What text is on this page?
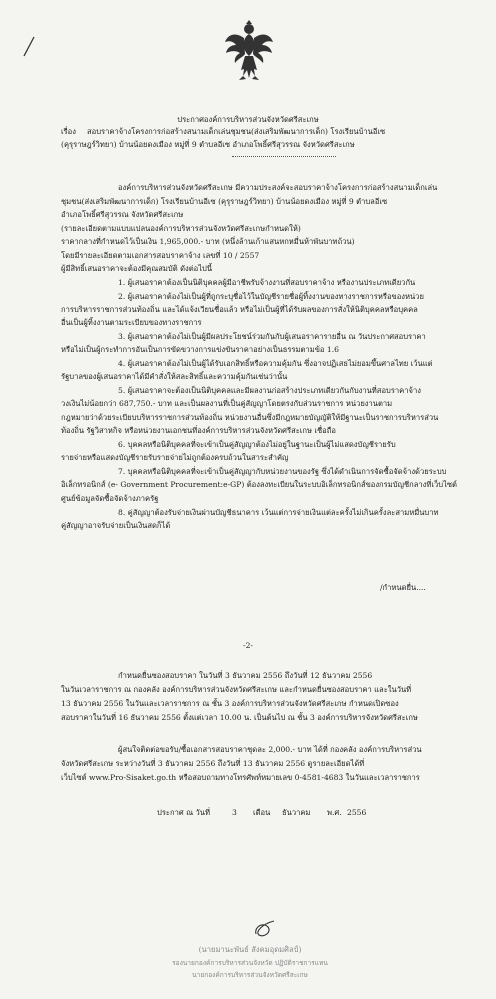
ประกาศองค์การบริหารส่วนจังหวัดศรีสะเกษ
เรื่อง สอบราคาจ้างโครงการก่อสร้างสนามเด็กเล่นชุมชน(ส่งเสริมพัฒนาการเด็ก) โรงเรียนบ้านอีเซ
(คุรุราษฎร์วิทยา) บ้านน้อยดงเมือง หมู่ที่ 9 ตำบลอีเซ อำเภอโพธิ์ศรีสุวรรณ จังหวัดศรีสะเกษ
องค์การบริหารส่วนจังหวัดศรีสะเกษ มีความประสงค์จะสอบราคาจ้างโครงการก่อสร้างสนามเด็กเล่น
ชุมชน(ส่งเสริมพัฒนาการเด็ก) โรงเรียนบ้านอีเซ (คุรุราษฎร์วิทยา) บ้านน้อยดงเมือง หมู่ที่ 9 ตำบลอีเซ
อำเภอโพธิ์ศรีสุวรรณ จังหวัดศรีสะเกษ
(รายละเอียดตามแบบแปลนองค์การบริหารส่วนจังหวัดศรีสะเกษกำหนดให้)
ราคากลางที่กำหนดไว้เป็นเงิน 1,965,000.- บาท (หนึ่งล้านเก้าแสนหกหมื่นห้าพันบาทถ้วน)
โดยมีรายละเอียดตามเอกสารสอบราคาจ้าง เลขที่ 10 / 2557
ผู้มีสิทธิ์เสนอราคาจะต้องมีคุณสมบัติ ดังต่อไปนี้
1. ผู้เสนอราคาต้องเป็นนิติบุคคลผู้มีอาชีพรับจ้างงานที่สอบราคาจ้าง หรืองานประเภทเดียวกัน
2. ผู้เสนอราคาต้องไม่เป็นผู้ที่ถูกระบุชื่อไว้ในบัญชีรายชื่อผู้ทิ้งงานของทางราชการหรือของหน่วย
การบริหารราชการส่วนท้องถิ่น และได้แจ้งเวียนชื่อแล้ว หรือไม่เป็นผู้ที่ได้รับผลของการสั่งให้นิติบุคคลหรือบุคคล
อื่นเป็นผู้ทิ้งงานตามระเบียบของทางราชการ
3. ผู้เสนอราคาต้องไม่เป็นผู้มีผลประโยชน์ร่วมกันกับผู้เสนอราคารายอื่น ณ วันประกาศสอบราคา
หรือไม่เป็นผู้กระทำการอันเป็นการขัดขวางการแข่งขันราคาอย่างเป็นธรรมตามข้อ 1.6
4. ผู้เสนอราคาต้องไม่เป็นผู้ได้รับเอกสิทธิ์หรือความคุ้มกัน ซึ่งอาจปฏิเสธไม่ยอมขึ้นศาลไทย เว้นแต่
รัฐบาลของผู้เสนอราคาได้มีคำสั่งให้สละสิทธิ์และความคุ้มกันเช่นว่านั้น
5. ผู้เสนอราคาจะต้องเป็นนิติบุคคลและมีผลงานก่อสร้างประเภทเดียวกันกับงานที่สอบราคาจ้าง
วงเงินไม่น้อยกว่า 687,750.- บาท และเป็นผลงานที่เป็นคู่สัญญาโดยตรงกับส่วนราชการ หน่วยงานตาม
กฎหมายว่าด้วยระเบียบบริหารราชการส่วนท้องถิ่น หน่วยงานอื่นซึ่งมีกฎหมายบัญญัติให้มีฐานะเป็นราชการบริหารส่วน
ท้องถิ่น รัฐวิสาหกิจ หรือหน่วยงานเอกชนที่องค์การบริหารส่วนจังหวัดศรีสะเกษ เชื่อถือ
6. บุคคลหรือนิติบุคคลที่จะเข้าเป็นคู่สัญญาต้องไม่อยู่ในฐานะเป็นผู้ไม่แสดงบัญชีรายรับ
รายจ่ายหรือแสดงบัญชีรายรับรายจ่ายไม่ถูกต้องครบถ้วนในสาระสำคัญ
7. บุคคลหรือนิติบุคคลที่จะเข้าเป็นคู่สัญญากับหน่วยงานของรัฐ ซึ่งได้ดำเนินการจัดซื้อจัดจ้างด้วยระบบ
อิเล็กทรอนิกส์ (e- Government Procurement:e-GP) ต้องลงทะเบียนในระบบอิเล็กทรอนิกส์ของกรมบัญชีกลางที่เว็บไซต์
ศูนย์ข้อมูลจัดซื้อจัดจ้างภาครัฐ
8. คู่สัญญาต้องรับจ่ายเงินผ่านบัญชีธนาคาร เว้นแต่การจ่ายเงินแต่ละครั้งไม่เกินครั้งละสามหมื่นบาท
คู่สัญญาอาจรับจ่ายเป็นเงินสดก็ได้
/กำหนดยื่น....
-2-
กำหนดยื่นซองสอบราคา ในวันที่ 3 ธันวาคม 2556 ถึงวันที่ 12 ธันวาคม 2556
ในวันเวลาราชการ ณ กองคลัง องค์การบริหารส่วนจังหวัดศรีสะเกษ และกำหนดยื่นซองสอบราคา และในวันที่
13 ธันวาคม 2556 ในวันและเวลาราชการ ณ ชั้น 3 องค์การบริหารส่วนจังหวัดศรีสะเกษ กำหนดเปิดซอง
สอบราคาในวันที่ 16 ธันวาคม 2556 ตั้งแต่เวลา 10.00 น. เป็นต้นไป ณ ชั้น 3 องค์การบริหารจังหวัดศรีสะเกษ
ผู้สนใจติดต่อขอรับ/ซื้อเอกสารสอบราคาชุดละ 2,000.- บาท ได้ที่ กองคลัง องค์การบริหารส่วน
จังหวัดศรีสะเกษ ระหว่างวันที่ 3 ธันวาคม 2556 ถึงวันที่ 13 ธันวาคม 2556 ดูรายละเอียดได้ที่
เว็บไซต์ www.Pro-Sisaket.go.th หรือสอบถามทางโทรศัพท์หมายเลข 0-4581-4683 ในวันและเวลาราชการ
ประกาศ ณ วันที่	3 เดือน ธันวาคม พ.ศ. 2556
(นายมานะพันธ์ สังคมอุดมศิลป์)
รองนายกองค์การบริหารส่วนจังหวัด ปฏิบัติราชการแทน
นายกองค์การบริหารส่วนจังหวัดศรีสะเกษ
